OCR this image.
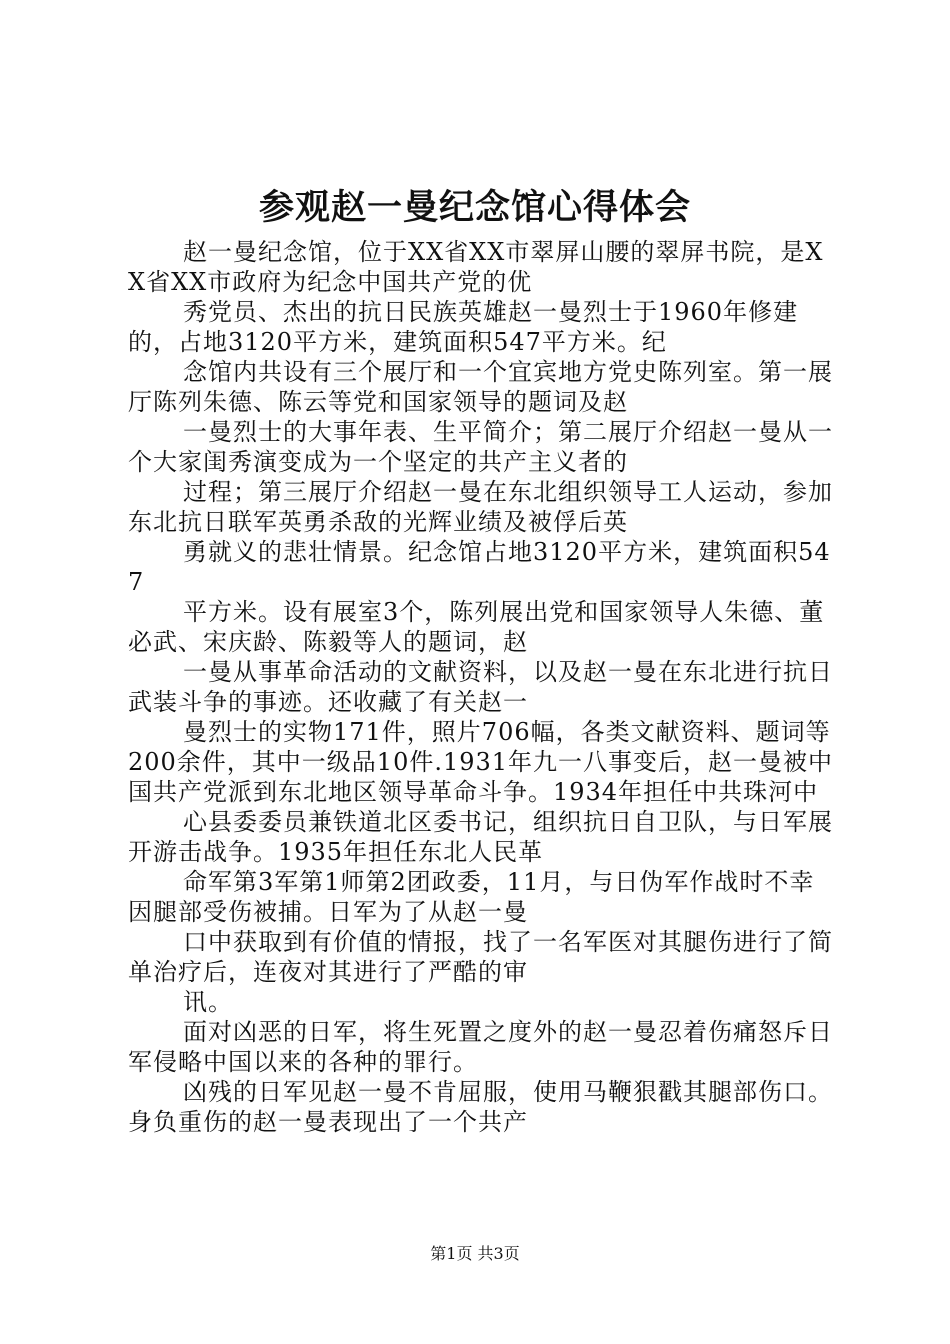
参观赵一曼纪念馆心得体会

赵一曼纪念馆，位于XX省XX市翠屏山腰的翠屏书院，是XX省XX市政府为纪念中国共产党的优

秀党员、杰出的抗日民族英雄赵一曼烈士于1960年修建的，占地3120平方米，建筑面积547平方米。纪

念馆内共设有三个展厅和一个宜宾地方党史陈列室。第一展厅陈列朱德、陈云等党和国家领导的题词及赵

一曼烈士的大事年表、生平简介；第二展厅介绍赵一曼从一个大家闺秀演变成为一个坚定的共产主义者的

过程；第三展厅介绍赵一曼在东北组织领导工人运动，参加东北抗日联军英勇杀敌的光辉业绩及被俘后英

勇就义的悲壮情景。纪念馆占地3120平方米，建筑面积547

平方米。设有展室3个，陈列展出党和国家领导人朱德、董必武、宋庆龄、陈毅等人的题词，赵

一曼从事革命活动的文献资料，以及赵一曼在东北进行抗日武装斗争的事迹。还收藏了有关赵一

曼烈士的实物171件，照片706幅，各类文献资料、题词等200余件，其中一级品10件.1931年九一八事变后，赵一曼被中国共产党派到东北地区领导革命斗争。1934年担任中共珠河中

心县委委员兼铁道北区委书记，组织抗日自卫队，与日军展开游击战争。1935年担任东北人民革

命军第3军第1师第2团政委，11月，与日伪军作战时不幸因腿部受伤被捕。日军为了从赵一曼

口中获取到有价值的情报，找了一名军医对其腿伤进行了简单治疗后，连夜对其进行了严酷的审

讯。

面对凶恶的日军，将生死置之度外的赵一曼忍着伤痛怒斥日军侵略中国以来的各种的罪行。

凶残的日军见赵一曼不肯屈服，使用马鞭狠戳其腿部伤口。身负重伤的赵一曼表现出了一个共产

第1页 共3页
